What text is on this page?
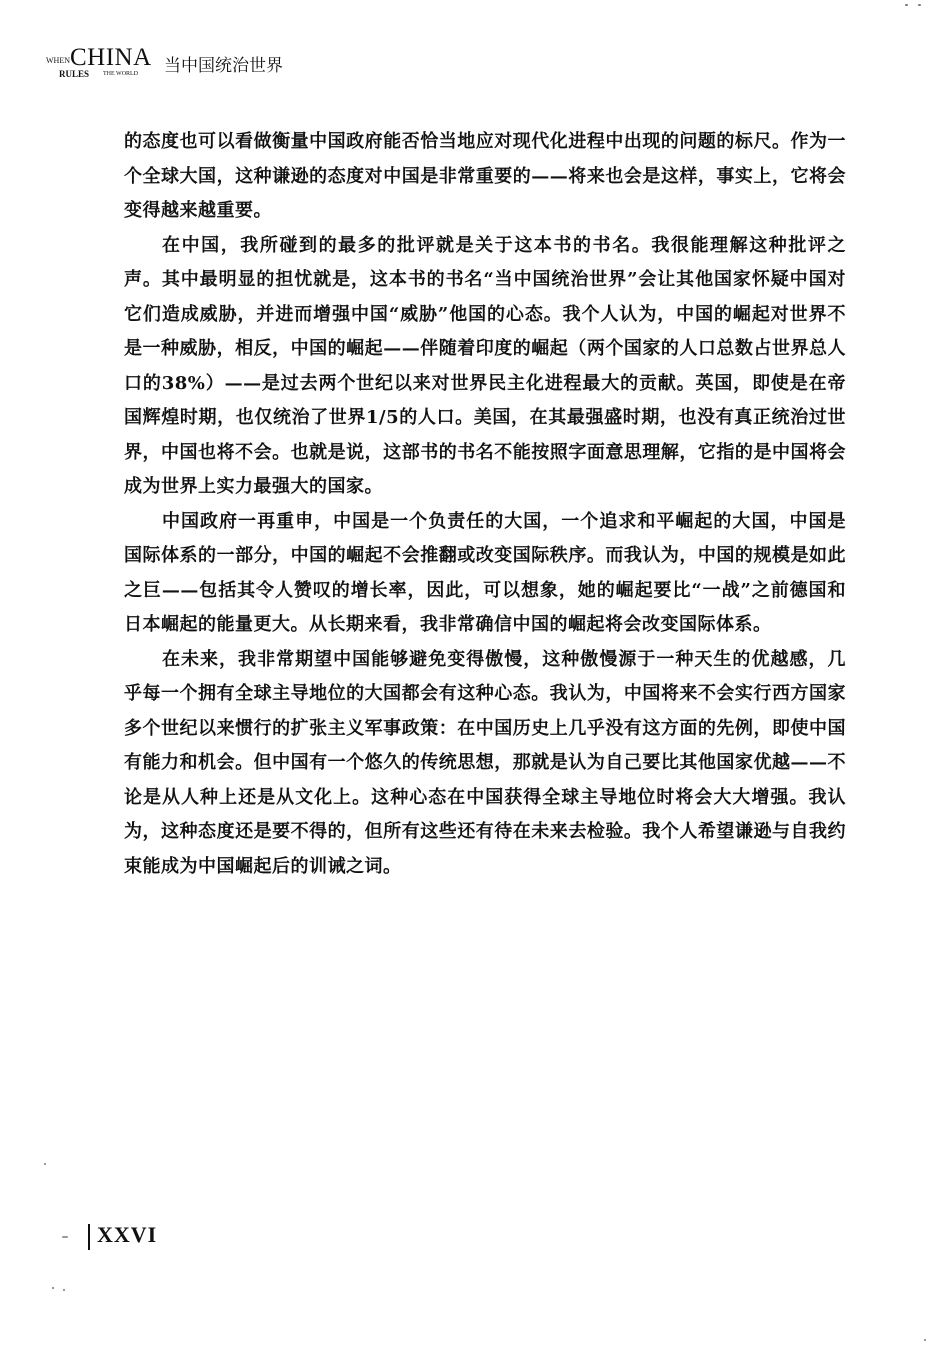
WHEN CHINA
RULES THE WORLD 当中国统治世界

的态度也可以看做衡量中国政府能否恰当地应对现代化进程中出现的问题的标尺。作为一个全球大国，这种谦逊的态度对中国是非常重要的——将来也会是这样，事实上，它将会变得越来越重要。

在中国，我所碰到的最多的批评就是关于这本书的书名。我很能理解这种批评之声。其中最明显的担忧就是，这本书的书名“当中国统治世界”会让其他国家怀疑中国对它们造成威胁，并进而增强中国“威胁”他国的心态。我个人认为，中国的崛起对世界不是一种威胁，相反，中国的崛起——伴随着印度的崛起（两个国家的人口总数占世界总人口的38%）——是过去两个世纪以来对世界民主化进程最大的贡献。英国，即使是在帝国辉煌时期，也仅统治了世界1/5的人口。美国，在其最强盛时期，也没有真正统治过世界，中国也将不会。也就是说，这部书的书名不能按照字面意思理解，它指的是中国将会成为世界上实力最强大的国家。

中国政府一再重申，中国是一个负责任的大国，一个追求和平崛起的大国，中国是国际体系的一部分，中国的崛起不会推翻或改变国际秩序。而我认为，中国的规模是如此之巨——包括其令人赞叹的增长率，因此，可以想象，她的崛起要比“一战”之前德国和日本崛起的能量更大。从长期来看，我非常确信中国的崛起将会改变国际体系。

在未来，我非常期望中国能够避免变得傲慢，这种傲慢源于一种天生的优越感，几乎每一个拥有全球主导地位的大国都会有这种心态。我认为，中国将来不会实行西方国家多个世纪以来惯行的扩张主义军事政策：在中国历史上几乎没有这方面的先例，即使中国有能力和机会。但中国有一个悠久的传统思想，那就是认为自己要比其他国家优越——不论是从人种上还是从文化上。这种心态在中国获得全球主导地位时将会大大增强。我认为，这种态度还是要不得的，但所有这些还有待在未来去检验。我个人希望谦逊与自我约束能成为中国崛起后的训诫之词。

XXVI
